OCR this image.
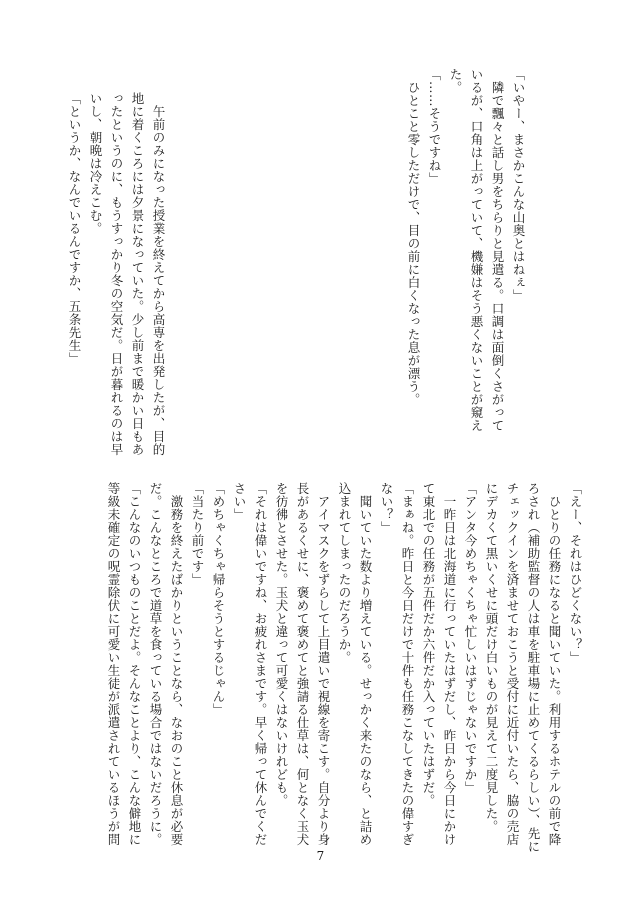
「いやー、まさかこんな山奥とはねぇ」
　隣で飄々と話し男をちらりと見遣る。口調は面倒くさがって
いるが、口角は上がっていて、機嫌はそう悪くないことが窺え
た。
「……そうですね」
　ひとこと零しただけで、目の前に白くなった息が漂う。
　午前のみになった授業を終えてから高専を出発したが、目的
地に着くころには夕景になっていた。少し前まで暖かい日もあ
ったというのに、もうすっかり冬の空気だ。日が暮れるのは早
いし、朝晩は冷えこむ。
「というか、なんでいるんですか、五条先生」
「えー、それはひどくない？」
　ひとりの任務になると聞いていた。利用するホテルの前で降
ろされ（補助監督の人は車を駐車場に止めてくるらしい）、先に
チェックインを済ませておこうと受付に近付いたら、脇の売店
にデカくて黒いくせに頭だけ白いものが見えて二度見した。
「アンタ今めちゃくちゃ忙しいはずじゃないですか」
　一昨日は北海道に行っていたはずだし、昨日から今日にかけ
て東北での任務が五件だか六件だか入っていたはずだ。
「まぁね。昨日と今日だけで十件も任務こなしてきたの偉すぎ
ない？」
　聞いていた数より増えている。せっかく来たのなら、と詰め
込まれてしまったのだろうか。
　アイマスクをずらして上目遣いで視線を寄こす。自分より身
長があるくせに、褒めて褒めてと強請る仕草は、何となく玉犬
を彷彿とさせた。玉犬と違って可愛くはないけれども。
「それは偉いですね、お疲れさまです。早く帰って休んでくだ
さい」
「めちゃくちゃ帰らそうとするじゃん」
「当たり前です」
　激務を終えたばかりということなら、なおのこと休息が必要
だ。こんなところで道草を食っている場合ではないだろうに。
「こんなのいつものことだよ。そんなことより、こんな僻地に
等級未確定の呪霊除伏に可愛い生徒が派遣されているほうが問
7
